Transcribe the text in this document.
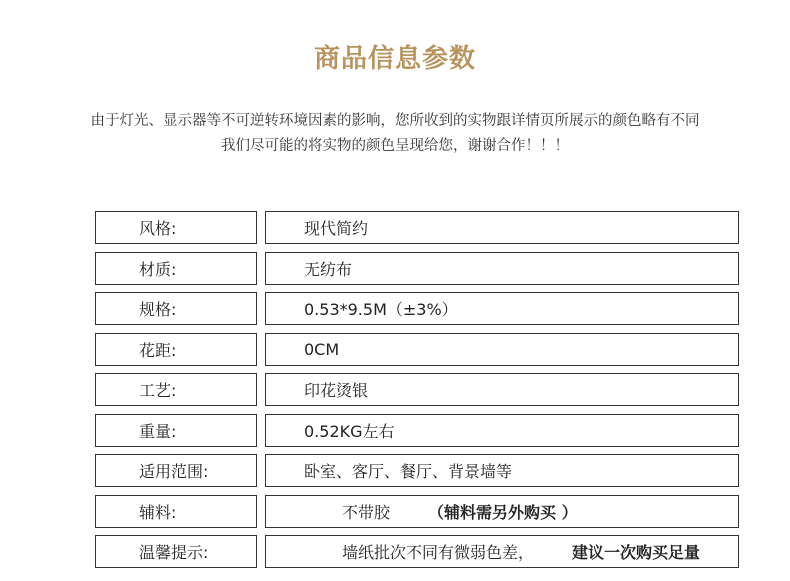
商品信息参数
由于灯光、显示器等不可逆转环境因素的影响，您所收到的实物跟详情页所展示的颜色略有不同
我们尽可能的将实物的颜色呈现给您，谢谢合作！！！
风格:	现代简约
材质:	无纺布
规格:	0.53*9.5M（±3%）
花距:	0CM
工艺:	印花烫银
重量:	0.52KG左右
适用范围:	卧室、客厅、餐厅、背景墙等
辅料:	不带胶 （辅料需另外购买 ）
温馨提示:	墙纸批次不同有微弱色差， 建议一次购买足量
